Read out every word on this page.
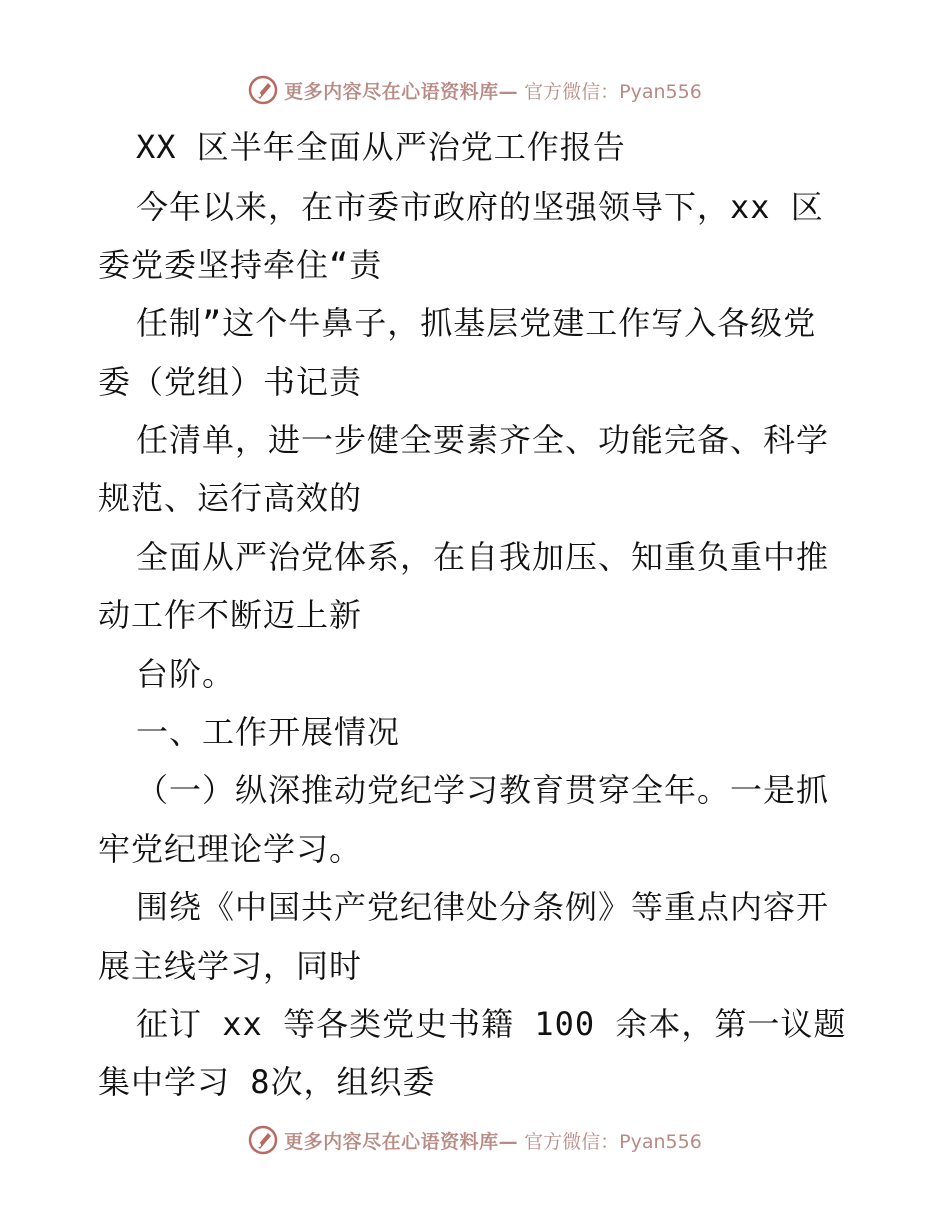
更多内容尽在心语资料库— 官方微信：Pyan556
XX 区半年全面从严治党工作报告
今年以来，在市委市政府的坚强领导下，xx 区
委党委坚持牵住“责
任制”这个牛鼻子，抓基层党建工作写入各级党
委（党组）书记责
任清单，进一步健全要素齐全、功能完备、科学
规范、运行高效的
全面从严治党体系，在自我加压、知重负重中推
动工作不断迈上新
台阶。
一、工作开展情况
（一）纵深推动党纪学习教育贯穿全年。一是抓
牢党纪理论学习。
围绕《中国共产党纪律处分条例》等重点内容开
展主线学习，同时
征订 xx 等各类党史书籍 100 余本，第一议题
集中学习 8次，组织委
更多内容尽在心语资料库— 官方微信：Pyan556
